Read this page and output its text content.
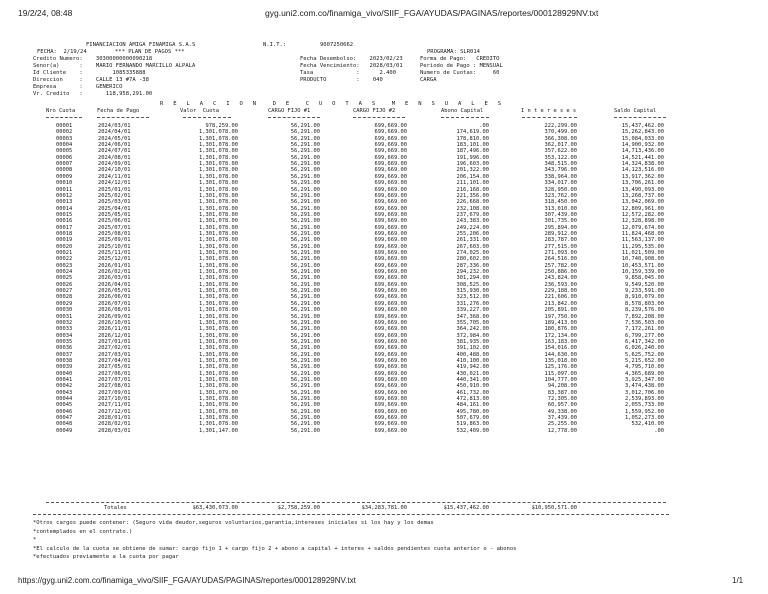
19/2/24, 08:48	gyg.uni2.com.co/finamiga_vivo/SIIF_FGA/AYUDAS/PAGINAS/reportes/000128929NV.txt
FINANCIACION AMIGA FINAMIGA S.A.S	N.I.T.:	9007250662
FECHA:  2/19/24	*** PLAN DE PAGOS ***	PROGRAMA: SLR014
Credito Numero:    30300000000090218
Senor(a)      :    MARIO FERNANDO MARCILLO ALPALA
Id Cliente    :         1085335888
Direccion     :    CALLE 13 #7A -38
Empresa       :    GENERICO
Vr. Credito   :       118,958,291.00
Fecha Desembolso:    2023/02/23
Fecha Vencimiento:   2028/03/01
Tasa             :      2.400
PRODUCTO         :    040
Forma de Pago:   CREDITO
Periodo de Pago : MENSUAL
Numero de Cuotas:     60
CARGA
R   E   L   A   C   I   O   N     D   E     C   U   O   T   A   S     M   E   N   S   U   A   L   E   S
Nro Cuota	Fecha de Pago	Valor  Cuota	CARGO FIJO #1	CARGO FIJO #2	Abono Capital	I n t e r e s e s	Saldo Capital
00001	2024/03/01	978,259.00	56,291.00	699,669.00	.00	222,299.00	15,437,462.00
00002	2024/04/01	1,301,078.00	56,291.00	699,669.00	174,619.00	370,499.00	15,262,843.00
00003	2024/05/01	1,301,078.00	56,291.00	699,669.00	178,810.00	366,308.00	15,084,033.00
00004	2024/06/01	1,301,078.00	56,291.00	699,669.00	183,101.00	362,017.00	14,900,932.00
00005	2024/07/01	1,301,078.00	56,291.00	699,669.00	187,496.00	357,622.00	14,713,436.00
00006	2024/08/01	1,301,078.00	56,291.00	699,669.00	191,996.00	353,122.00	14,521,441.00
00007	2024/09/01	1,301,078.00	56,291.00	699,669.00	196,603.00	348,515.00	14,324,838.00
00008	2024/10/01	1,301,078.00	56,291.00	699,669.00	201,322.00	343,796.00	14,123,516.00
00009	2024/11/01	1,301,078.00	56,291.00	699,669.00	206,154.00	338,964.00	13,917,362.00
00010	2024/12/01	1,301,078.00	56,291.00	699,669.00	211,101.00	334,017.00	13,706,261.00
00011	2025/01/01	1,301,078.00	56,291.00	699,669.00	216,168.00	328,950.00	13,490,093.00
00012	2025/02/01	1,301,078.00	56,291.00	699,669.00	221,356.00	323,762.00	13,268,737.00
00013	2025/03/01	1,301,078.00	56,291.00	699,669.00	226,668.00	318,450.00	13,042,069.00
00014	2025/04/01	1,301,078.00	56,291.00	699,669.00	232,108.00	313,010.00	12,809,961.00
00015	2025/05/01	1,301,078.00	56,291.00	699,669.00	237,679.00	307,439.00	12,572,282.00
00016	2025/06/01	1,301,078.00	56,291.00	699,669.00	243,383.00	301,735.00	12,328,898.00
00017	2025/07/01	1,301,078.00	56,291.00	699,669.00	249,224.00	295,894.00	12,079,674.00
00018	2025/08/01	1,301,078.00	56,291.00	699,669.00	255,206.00	289,912.00	11,824,468.00
00019	2025/09/01	1,301,078.00	56,291.00	699,669.00	261,331.00	283,787.00	11,563,137.00
00020	2025/10/01	1,301,078.00	56,291.00	699,669.00	267,603.00	277,515.00	11,295,535.00
00021	2025/11/01	1,301,078.00	56,291.00	699,669.00	274,025.00	271,093.00	11,021,509.00
00022	2025/12/01	1,301,078.00	56,291.00	699,669.00	280,602.00	264,516.00	10,740,908.00
00023	2026/01/01	1,301,078.00	56,291.00	699,669.00	287,336.00	257,782.00	10,453,571.00
00024	2026/02/01	1,301,078.00	56,291.00	699,669.00	294,232.00	250,886.00	10,159,339.00
00025	2026/03/01	1,301,078.00	56,291.00	699,669.00	301,294.00	243,824.00	9,858,045.00
00026	2026/04/01	1,301,078.00	56,291.00	699,669.00	308,525.00	236,593.00	9,549,520.00
00027	2026/05/01	1,301,078.00	56,291.00	699,669.00	315,930.00	229,188.00	9,233,591.00
00028	2026/06/01	1,301,078.00	56,291.00	699,669.00	323,512.00	221,606.00	8,910,079.00
00029	2026/07/01	1,301,078.00	56,291.00	699,669.00	331,276.00	213,842.00	8,578,803.00
00030	2026/08/01	1,301,078.00	56,291.00	699,669.00	339,227.00	205,891.00	8,239,576.00
00031	2026/09/01	1,301,078.00	56,291.00	699,669.00	347,368.00	197,750.00	7,892,208.00
00032	2026/10/01	1,301,078.00	56,291.00	699,669.00	355,705.00	189,413.00	7,536,503.00
00033	2026/11/01	1,301,078.00	56,291.00	699,669.00	364,242.00	180,876.00	7,172,261.00
00034	2026/12/01	1,301,078.00	56,291.00	699,669.00	372,984.00	172,134.00	6,799,277.00
00035	2027/01/01	1,301,078.00	56,291.00	699,669.00	381,935.00	163,183.00	6,417,342.00
00036	2027/02/01	1,301,078.00	56,291.00	699,669.00	391,102.00	154,016.00	6,026,240.00
00037	2027/03/01	1,301,078.00	56,291.00	699,669.00	400,488.00	144,630.00	5,625,752.00
00038	2027/04/01	1,301,078.00	56,291.00	699,669.00	410,100.00	135,018.00	5,215,652.00
00039	2027/05/01	1,301,078.00	56,291.00	699,669.00	419,942.00	125,176.00	4,795,710.00
00040	2027/06/01	1,301,078.00	56,291.00	699,669.00	430,021.00	115,097.00	4,365,689.00
00041	2027/07/01	1,301,078.00	56,291.00	699,669.00	440,341.00	104,777.00	3,925,347.00
00042	2027/08/01	1,301,078.00	56,291.00	699,669.00	450,910.00	94,208.00	3,474,438.00
00043	2027/09/01	1,301,079.00	56,291.00	699,669.00	461,732.00	83,387.00	3,012,706.00
00044	2027/10/01	1,301,078.00	56,291.00	699,669.00	472,813.00	72,305.00	2,539,893.00
00045	2027/11/01	1,301,078.00	56,291.00	699,669.00	484,161.00	60,957.00	2,055,733.00
00046	2027/12/01	1,301,078.00	56,291.00	699,669.00	495,780.00	49,338.00	1,559,952.00
00047	2028/01/01	1,301,078.00	56,291.00	699,669.00	507,679.00	37,439.00	1,052,273.00
00048	2028/02/01	1,301,078.00	56,291.00	699,669.00	519,863.00	25,255.00	532,410.00
00049	2028/03/01	1,301,147.00	56,291.00	699,669.00	532,409.00	12,778.00	.00
Totales	$63,430,073.00	$2,758,259.00	$34,283,781.00	$15,437,462.00	$10,950,571.00
*Otros cargos puede contener: (Seguro vida deudor,seguros voluntarios,garantia,intereses iniciales si los hay y los demas
*contemplados en el contrato.)
*
*El calculo de la cuota se obtiene de sumar: cargo fijo 1 + cargo fijo 2 + abono a capital + interes + saldos pendientes cuota anterior o - abonos
*efectuados previamente a la cuota por pagar
https://gyg.uni2.com.co/finamiga_vivo/SIIF_FGA/AYUDAS/PAGINAS/reportes/000128929NV.txt	1/1
